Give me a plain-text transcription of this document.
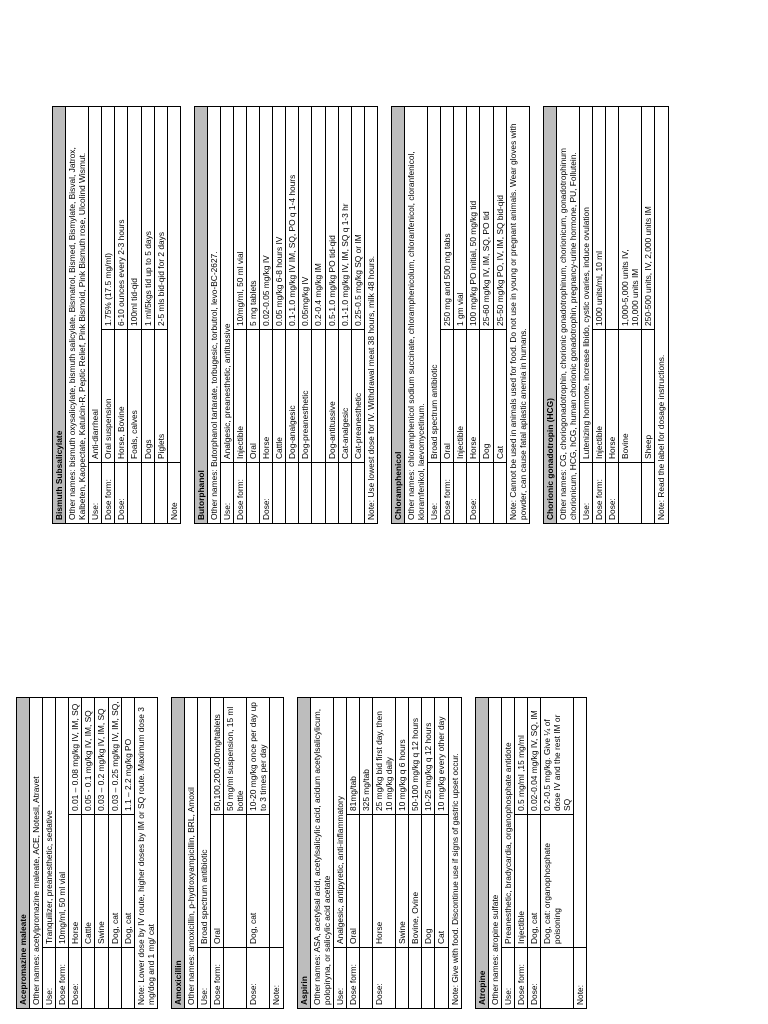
Acepromazine maleate Other names: acetylpromazine maleate, ACE, Notesil, Atravet Use:
Tranquilizer, preanesthetic, sedative
Dose form:
10mg/ml, 50 ml vial
Dose:
Horse
0.01 – 0.08 mg/kg IV, IM, SQ
Cattle
0.05 - 0.1 mg/kg IV, IM, SQ
Swine
0.03 – 0.2 mg/kg IV, IM, SQ
Dog, cat
0.03 – 0.25 mg/kg IV, IM, SQ,
Dog, cat
1.1 – 2.2 mg/kg PO Note: Lower dose by IV route, higher doses by IM or SQ route. Maximum dose 3 mg/dog and 1 mg/ cat Amoxicillin Other names: amoxicillin, p-hydroxyampicillin, BRL, Amoxil Use:
Broad spectrum antibiotic
Dose form:
Oral
50,100,200,400mg/tablets 50 mg/ml suspension, 15 ml bottle
Dose:
Dog, cat
10-20 mg/kg once per day up to 3 times per day
Note: Aspirin Other names: ASA, acetylsal acid, acetylsalicylic acid, acidum acetylsalicylicum, polopiryna, or salicylic acid acetate Use:
Analgesic, antipyretic, anti-inflammatory
Dose form:
Oral
81mg/tab 325 mg/tab
Dose:
Horse
25 mg/kg bid first day, then 10 mg/kg daily
Swine
10 mg/kg q 6 hours
Bovine, Ovine
50-100 mg/kg q 12 hours
Dog
10-25 mg/kg q 12 hours
Cat
10 mg/kg every other day Note: Give with food. Discontinue use if signs of gastric upset occur. Atropine Other names: atropine sulfate Use:
Preanesthetic, bradycardia, organophosphate antidote
Dose form:
Injectible
0.5 mg/ml ,15 mg/ml
Dose:
Dog, cat
0.02-0.04 mg/kg IV, SQ, IM
Dog, cat: organophosphate poisoning
0.2-0.5 mg/kg. Give ¼ of dose IV and the rest IM or SQ
Note:
Bismuth Subsalicylate Other names: bismuth oxysalicylate, bismuth salicylate, Bismatrol, Bismed, Bismylate, Bisval, Jatrox, Kalbeten, Kaopectate, Katulcin-R, Peptic Relief, Pink Bismoid, Pink Bismuth rose, Ulcolind Wismut. Use:
Anti-diarrheal
Dose form:
Oral suspension
1.75% (17.5 mg/ml)
Dose:
Horse, Bovine
6-10 ounces every 2-3 hours
Foals, calves
100ml tid-qid
Dogs
1 ml/5kgs tid up to 5 days
Piglets
2-5 mls bid-qid for 2 days
Note Butorphanol Other names: Butorphanol tartarate, torbugesic, torbutrol, levo-BC-2627. Use:
Analgesic, preanesthetic, antitussive
Dose form:
Injectible
10/mg/ml, 50 ml vial
Oral
5 mg tablets
Dose:
Horse
0.02-0.05 mg/kg IV
Cattle
0.05 mg/kg 6-8 hours IV
Dog-analgesic
0.1-1.0 mg/kg IV IM, SQ, PO q 1-4 hours
Dog-preanesthetic
0.05mg/kg IV 0.2-0.4 mg/kg IM
Dog-antitussive
0.5-1.0 mg/kg PO tid-qid
Cat-analgesic
0.1-1.0 mg/kg IV, IM, SQ q 1-3 hr
Cat-preanesthetic
0.25-0.5 mg/kg SQ or IM Note: Use lowest dose for IV. Withdrawal meat 38 hours, milk 48 hours. Chloramphenicol Other names: chloramphenicol sodium succinate, chloramphenicolum, chloranfenicol, cloranfenicol, kloramfenikol, laevomycetinum. Use:
Broad spectrum antibiotic
Dose form:
Oral
250 mg and 500 mg tabs
Injectible
1 gm vial
Dose:
Horse
100 mg/kg PO initial, 50 mg/kg tid
Dog
25-60 mg/kg IV, IM, SQ, PO tid
Cat
25-50 mg/kg PO, IV, IM, SQ bid-qid Note: Cannot be used in animals used for food. Do not use in young or pregnant animals. Wear gloves with powder, can cause fatal aplastic anemia in humans. Chorionic gonadotropin (HCG) Other names: CG, choriogonadotrophin, chorionic gonadotrophinum, chorionicum, gonadotrophinum chorionicum, HCG, hCG, human chorionic gonadotrophin, pregnancy-urine hormone, PU, Follutein. Use:
Lutenizing hormone, increase libido, cystic ovaries, induce ovulation
Dose form:
Injectible
1000 units/ml, 10 ml
Dose:
Horse Bovine
1,000-5,000 units IV,
10,000 units IM
Sheep
250-500 units, IV, 2,000 units IM
Note: Read the label for dosage instructions.
